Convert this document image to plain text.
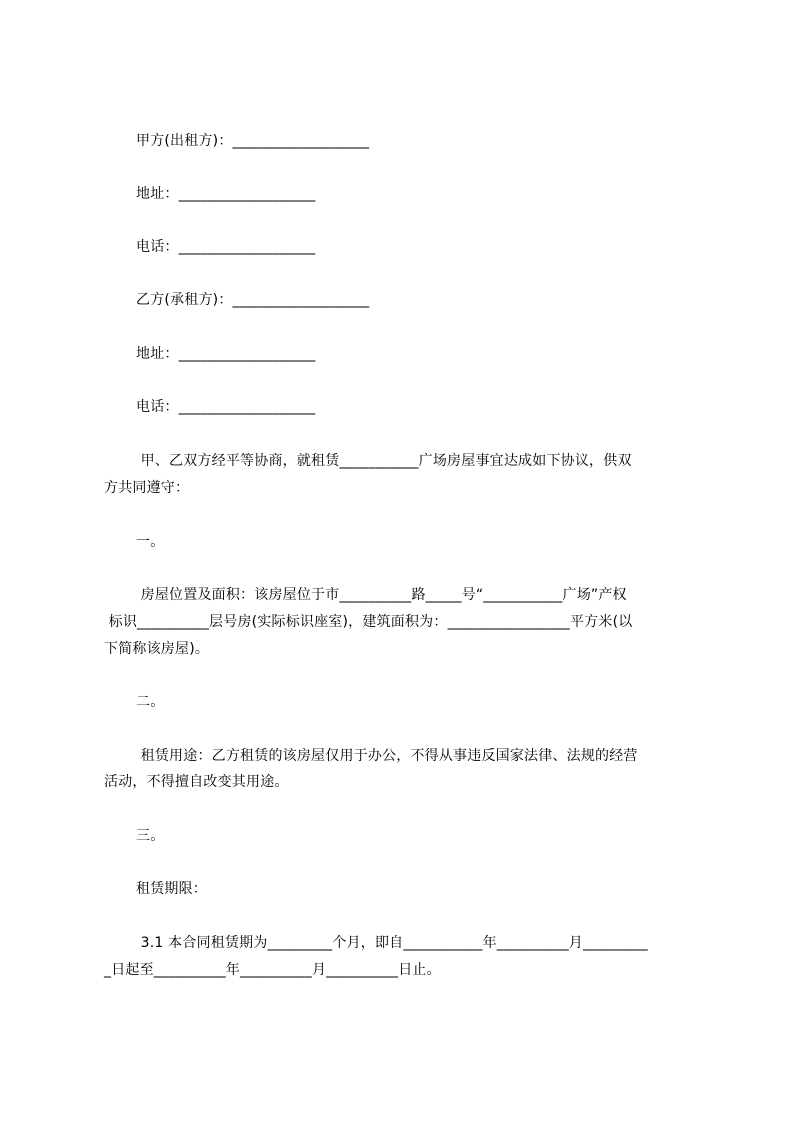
甲方(出租方)：___________________
地址：___________________
电话：___________________
乙方(承租方)：___________________
地址：___________________
电话：___________________
甲、乙双方经平等协商，就租赁___________广场房屋事宜达成如下协议，供双
方共同遵守：
一。
房屋位置及面积：该房屋位于市__________路_____号“___________广场”产权
标识__________层号房(实际标识座室)，建筑面积为：_________________平方米(以
下简称该房屋)。
二。
租赁用途：乙方租赁的该房屋仅用于办公，不得从事违反国家法律、法规的经营
活动，不得擅自改变其用途。
三。
租赁期限：
3.1 本合同租赁期为_________个月，即自___________年__________月_________
_日起至__________年__________月__________日止。
